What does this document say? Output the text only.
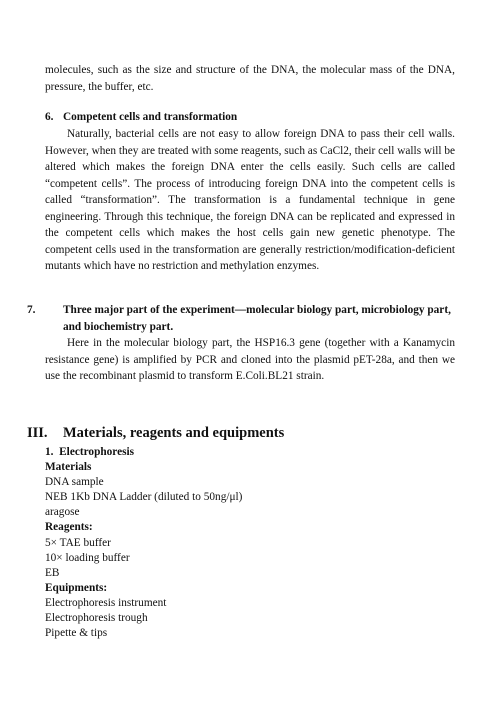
molecules, such as the size and structure of the DNA, the molecular mass of the DNA, pressure, the buffer, etc.

6. Competent cells and transformation

Naturally, bacterial cells are not easy to allow foreign DNA to pass their cell walls. However, when they are treated with some reagents, such as CaCl2, their cell walls will be altered which makes the foreign DNA enter the cells easily. Such cells are called “competent cells”. The process of introducing foreign DNA into the competent cells is called “transformation”. The transformation is a fundamental technique in gene engineering. Through this technique, the foreign DNA can be replicated and expressed in the competent cells which makes the host cells gain new genetic phenotype. The competent cells used in the transformation are generally restriction/modification-deficient mutants which have no restriction and methylation enzymes.

7. Three major part of the experiment—molecular biology part, microbiology part, and biochemistry part.

Here in the molecular biology part, the HSP16.3 gene (together with a Kanamycin resistance gene) is amplified by PCR and cloned into the plasmid pET-28a, and then we use the recombinant plasmid to transform E.Coli.BL21 strain.

III. Materials, reagents and equipments

1. Electrophoresis
Materials
DNA sample
NEB 1Kb DNA Ladder (diluted to 50ng/μl)
aragose
Reagents:
5× TAE buffer
10× loading buffer
EB
Equipments:
Electrophoresis instrument
Electrophoresis trough
Pipette & tips
